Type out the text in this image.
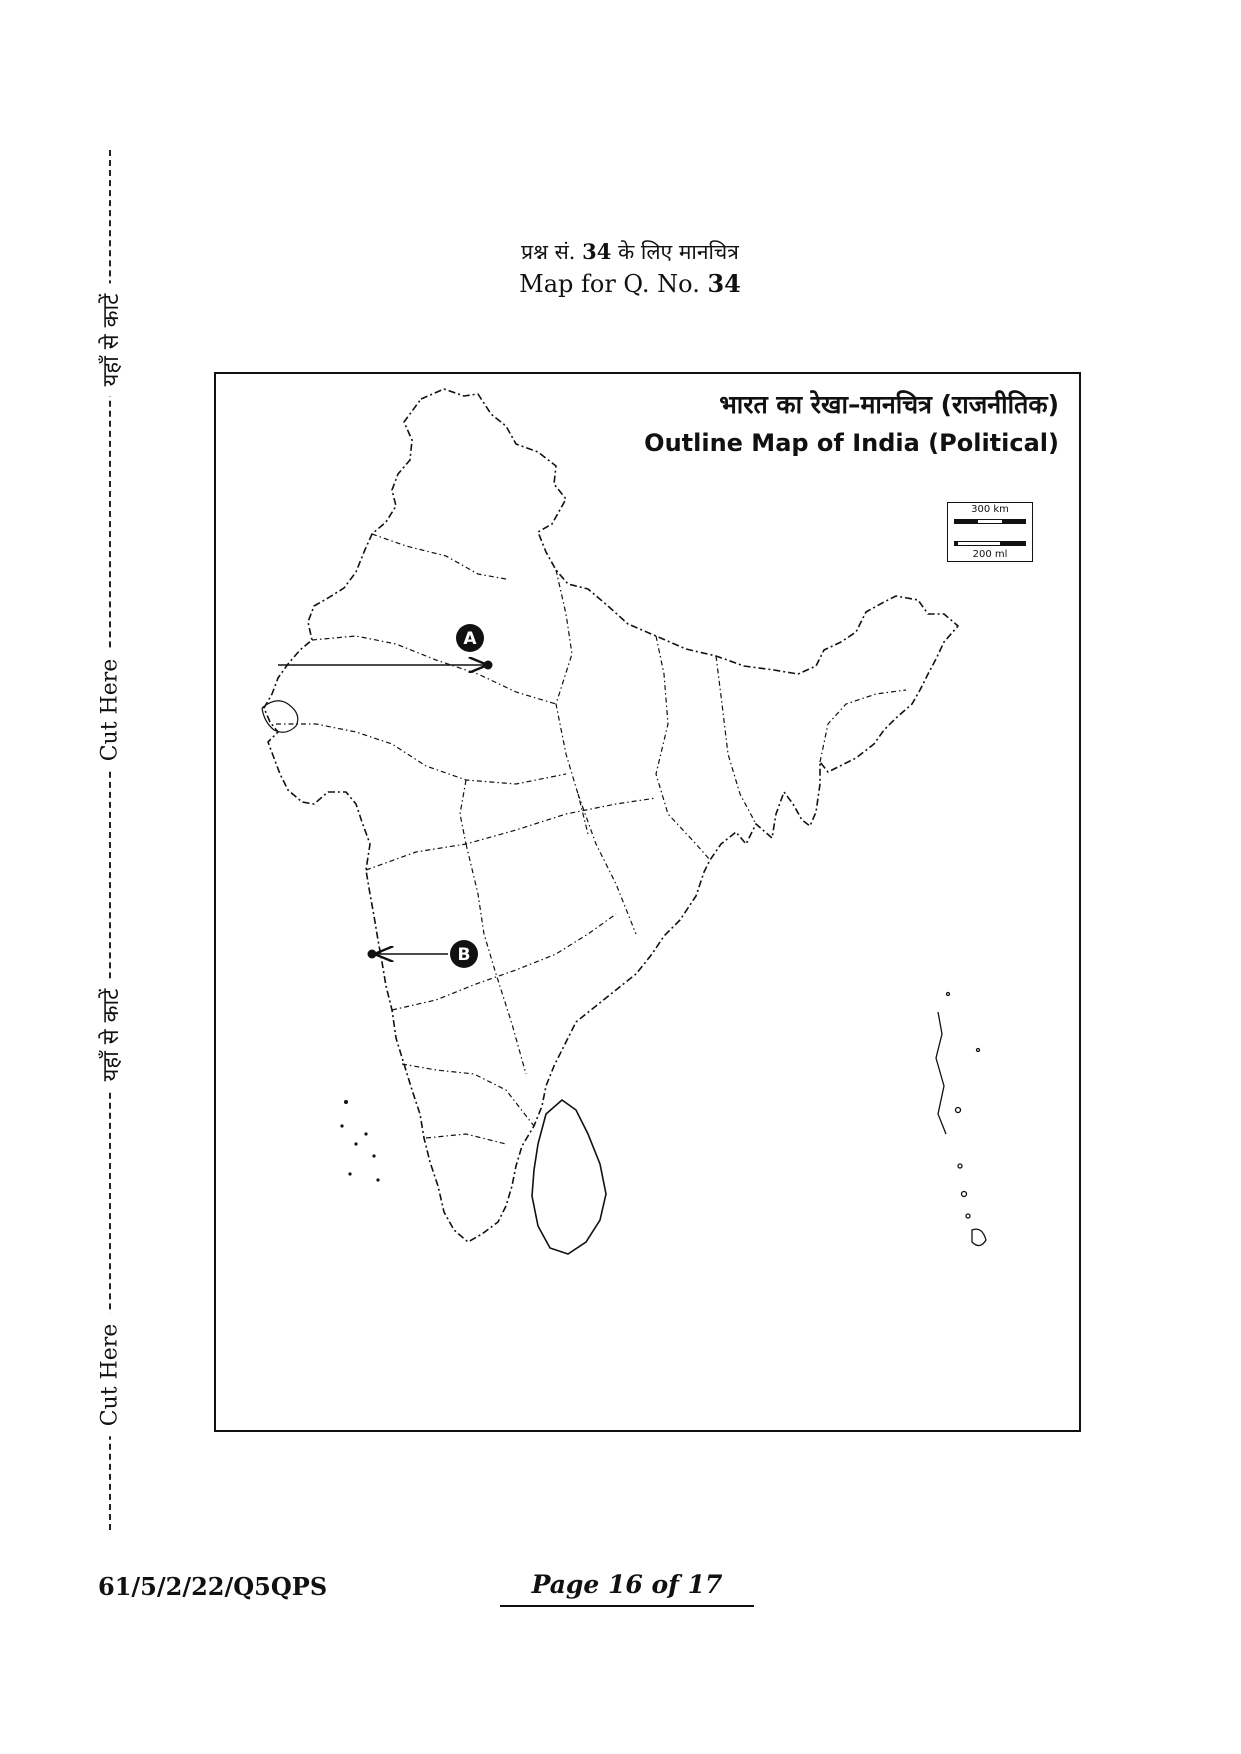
यहाँ से काटें
Cut Here
यहाँ से काटें
Cut Here
प्रश्न सं. 34 के लिए मानचित्र
Map for Q. No. 34
A
B
भारत का रेखा–मानचित्र (राजनीतिक)
Outline Map of India (Political)
300 km
200 ml
61/5/2/22/Q5QPS	Page 16 of 17
